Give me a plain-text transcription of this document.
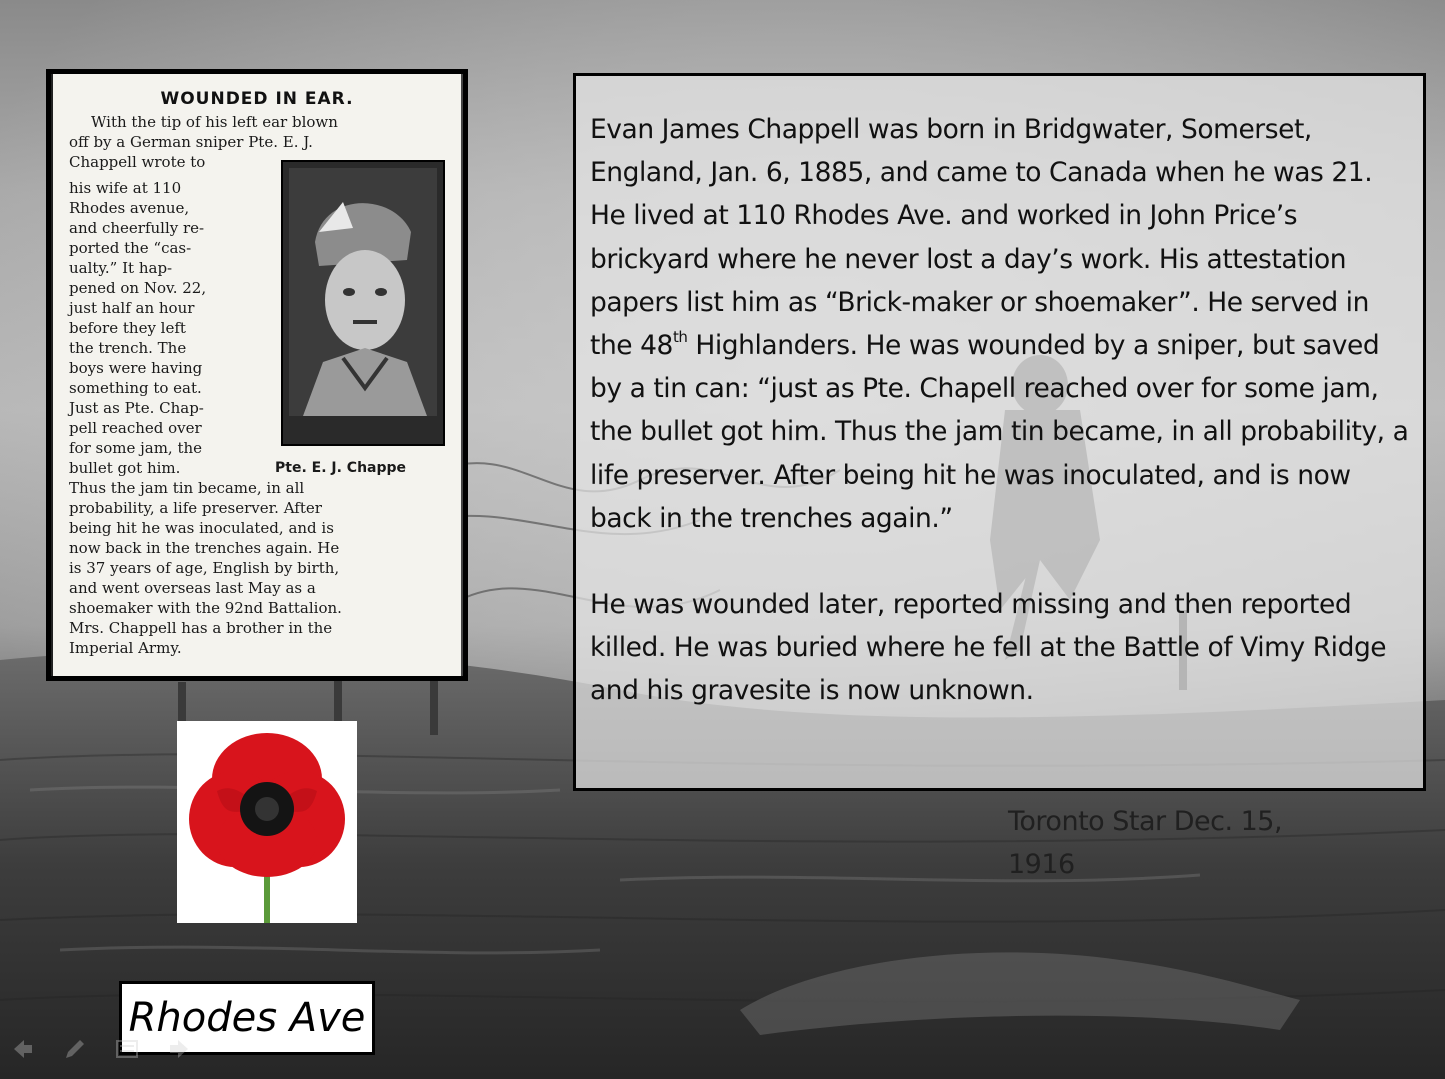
WOUNDED IN EAR.
With the tip of his left ear blown
off by a German sniper Pte. E. J.
Chappell wrote to
his wife at 110
Rhodes avenue,
and cheerfully re-
ported the “cas-
ualty.” It hap-
pened on Nov. 22,
just half an hour
before they left
the trench. The
boys were having
something to eat.
Just as Pte. Chap-
pell reached over
for some jam, the
bullet got him.
Thus the jam tin became, in all
probability, a life preserver. After
being hit he was inoculated, and is
now back in the trenches again. He
is 37 years of age, English by birth,
and went overseas last May as a
shoemaker with the 92nd Battalion.
Mrs. Chappell has a brother in the
Imperial Army.
Pte. E. J. Chappe

Evan James Chappell was born in Bridgwater, Somerset, England, Jan. 6, 1885, and came to Canada when he was 21. He lived at 110 Rhodes Ave. and worked in John Price’s brickyard where he never lost a day’s work. His attestation papers list him as “Brick-maker or shoemaker”. He served in the 48th Highlanders. He was wounded by a sniper, but saved by a tin can: “just as Pte. Chapell reached over for some jam, the bullet got him. Thus the jam tin became, in all probability, a life preserver. After being hit he was inoculated, and is now back in the trenches again.”

He was wounded later, reported missing and then reported killed. He was buried where he fell at the Battle of Vimy Ridge and his gravesite is now unknown.

Toronto Star Dec. 15, 1916
Rhodes Ave
